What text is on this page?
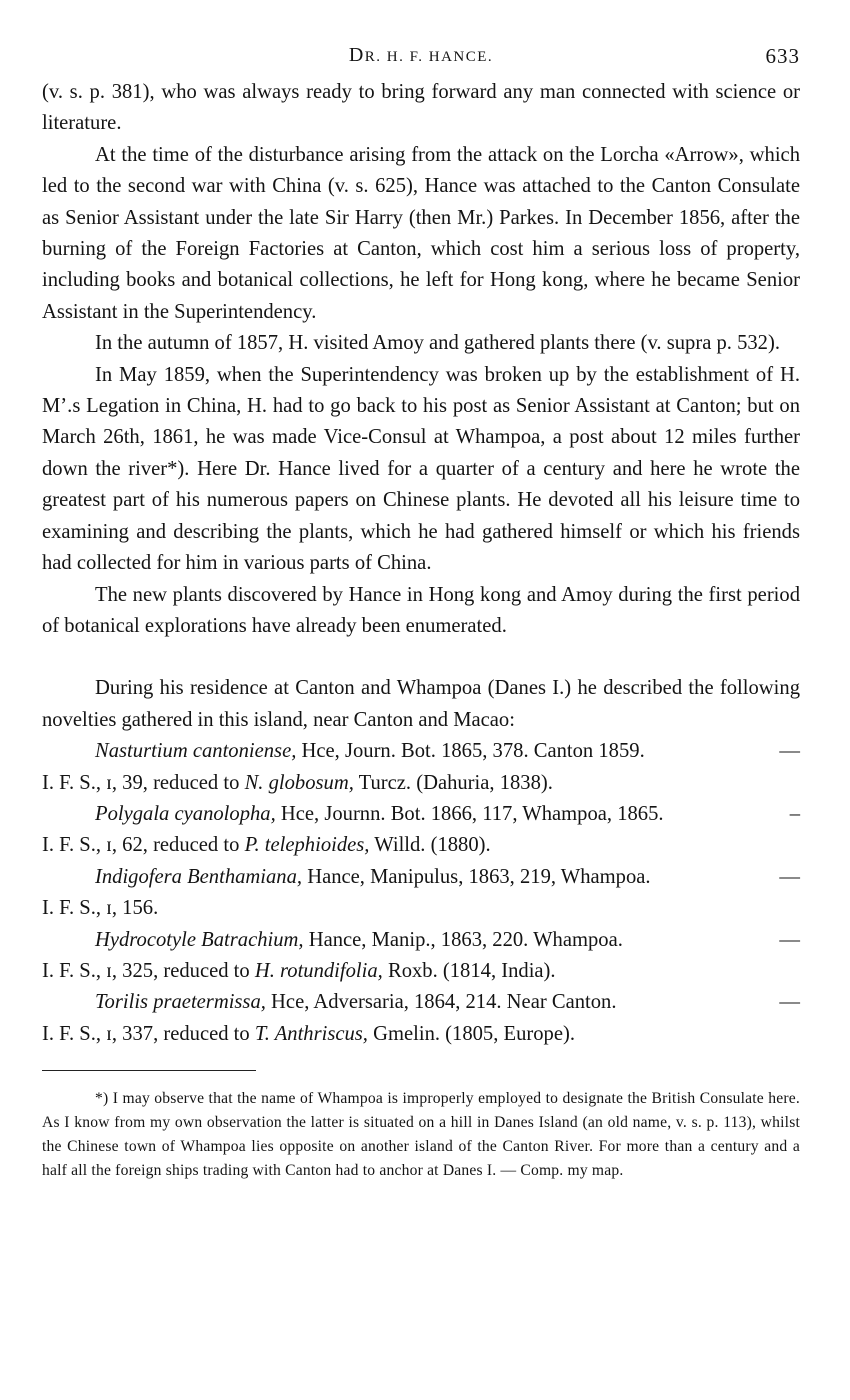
DR. H. F. HANCE.	633

(v. s. p. 381), who was always ready to bring forward any man connected with science or literature.

At the time of the disturbance arising from the attack on the Lorcha «Arrow», which led to the second war with China (v. s. 625), Hance was attached to the Canton Consulate as Senior Assistant under the late Sir Harry (then Mr.) Parkes. In December 1856, after the burning of the Foreign Factories at Canton, which cost him a serious loss of property, including books and botanical collections, he left for Hong kong, where he became Senior Assistant in the Superintendency.

In the autumn of 1857, H. visited Amoy and gathered plants there (v. supra p. 532).

In May 1859, when the Superintendency was broken up by the establishment of H. M’.s Legation in China, H. had to go back to his post as Senior Assistant at Canton; but on March 26th, 1861, he was made Vice-Consul at Whampoa, a post about 12 miles further down the river*). Here Dr. Hance lived for a quarter of a century and here he wrote the greatest part of his numerous papers on Chinese plants. He devoted all his leisure time to examining and describing the plants, which he had gathered himself or which his friends had collected for him in various parts of China.

The new plants discovered by Hance in Hong kong and Amoy during the first period of botanical explorations have already been enumerated.

During his residence at Canton and Whampoa (Danes I.) he described the following novelties gathered in this island, near Canton and Macao:

Nasturtium cantoniense, Hce, Journ. Bot. 1865, 378. Canton 1859.	—
I. F. S., ɪ, 39, reduced to N. globosum, Turcz. (Dahuria, 1838).
Polygala cyanolopha, Hce, Journn. Bot. 1866, 117, Whampoa, 1865.	–
I. F. S., ɪ, 62, reduced to P. telephioides, Willd. (1880).
Indigofera Benthamiana, Hance, Manipulus, 1863, 219, Whampoa.	—
I. F. S., ɪ, 156.
Hydrocotyle Batrachium, Hance, Manip., 1863, 220. Whampoa.	—
I. F. S., ɪ, 325, reduced to H. rotundifolia, Roxb. (1814, India).
Torilis praetermissa, Hce, Adversaria, 1864, 214. Near Canton.	—
I. F. S., ɪ, 337, reduced to T. Anthriscus, Gmelin. (1805, Europe).

*) I may observe that the name of Whampoa is improperly employed to designate the British Consulate here. As I know from my own observation the latter is situated on a hill in Danes Island (an old name, v. s. p. 113), whilst the Chinese town of Whampoa lies opposite on another island of the Canton River. For more than a century and a half all the foreign ships trading with Canton had to anchor at Danes I. — Comp. my map.
